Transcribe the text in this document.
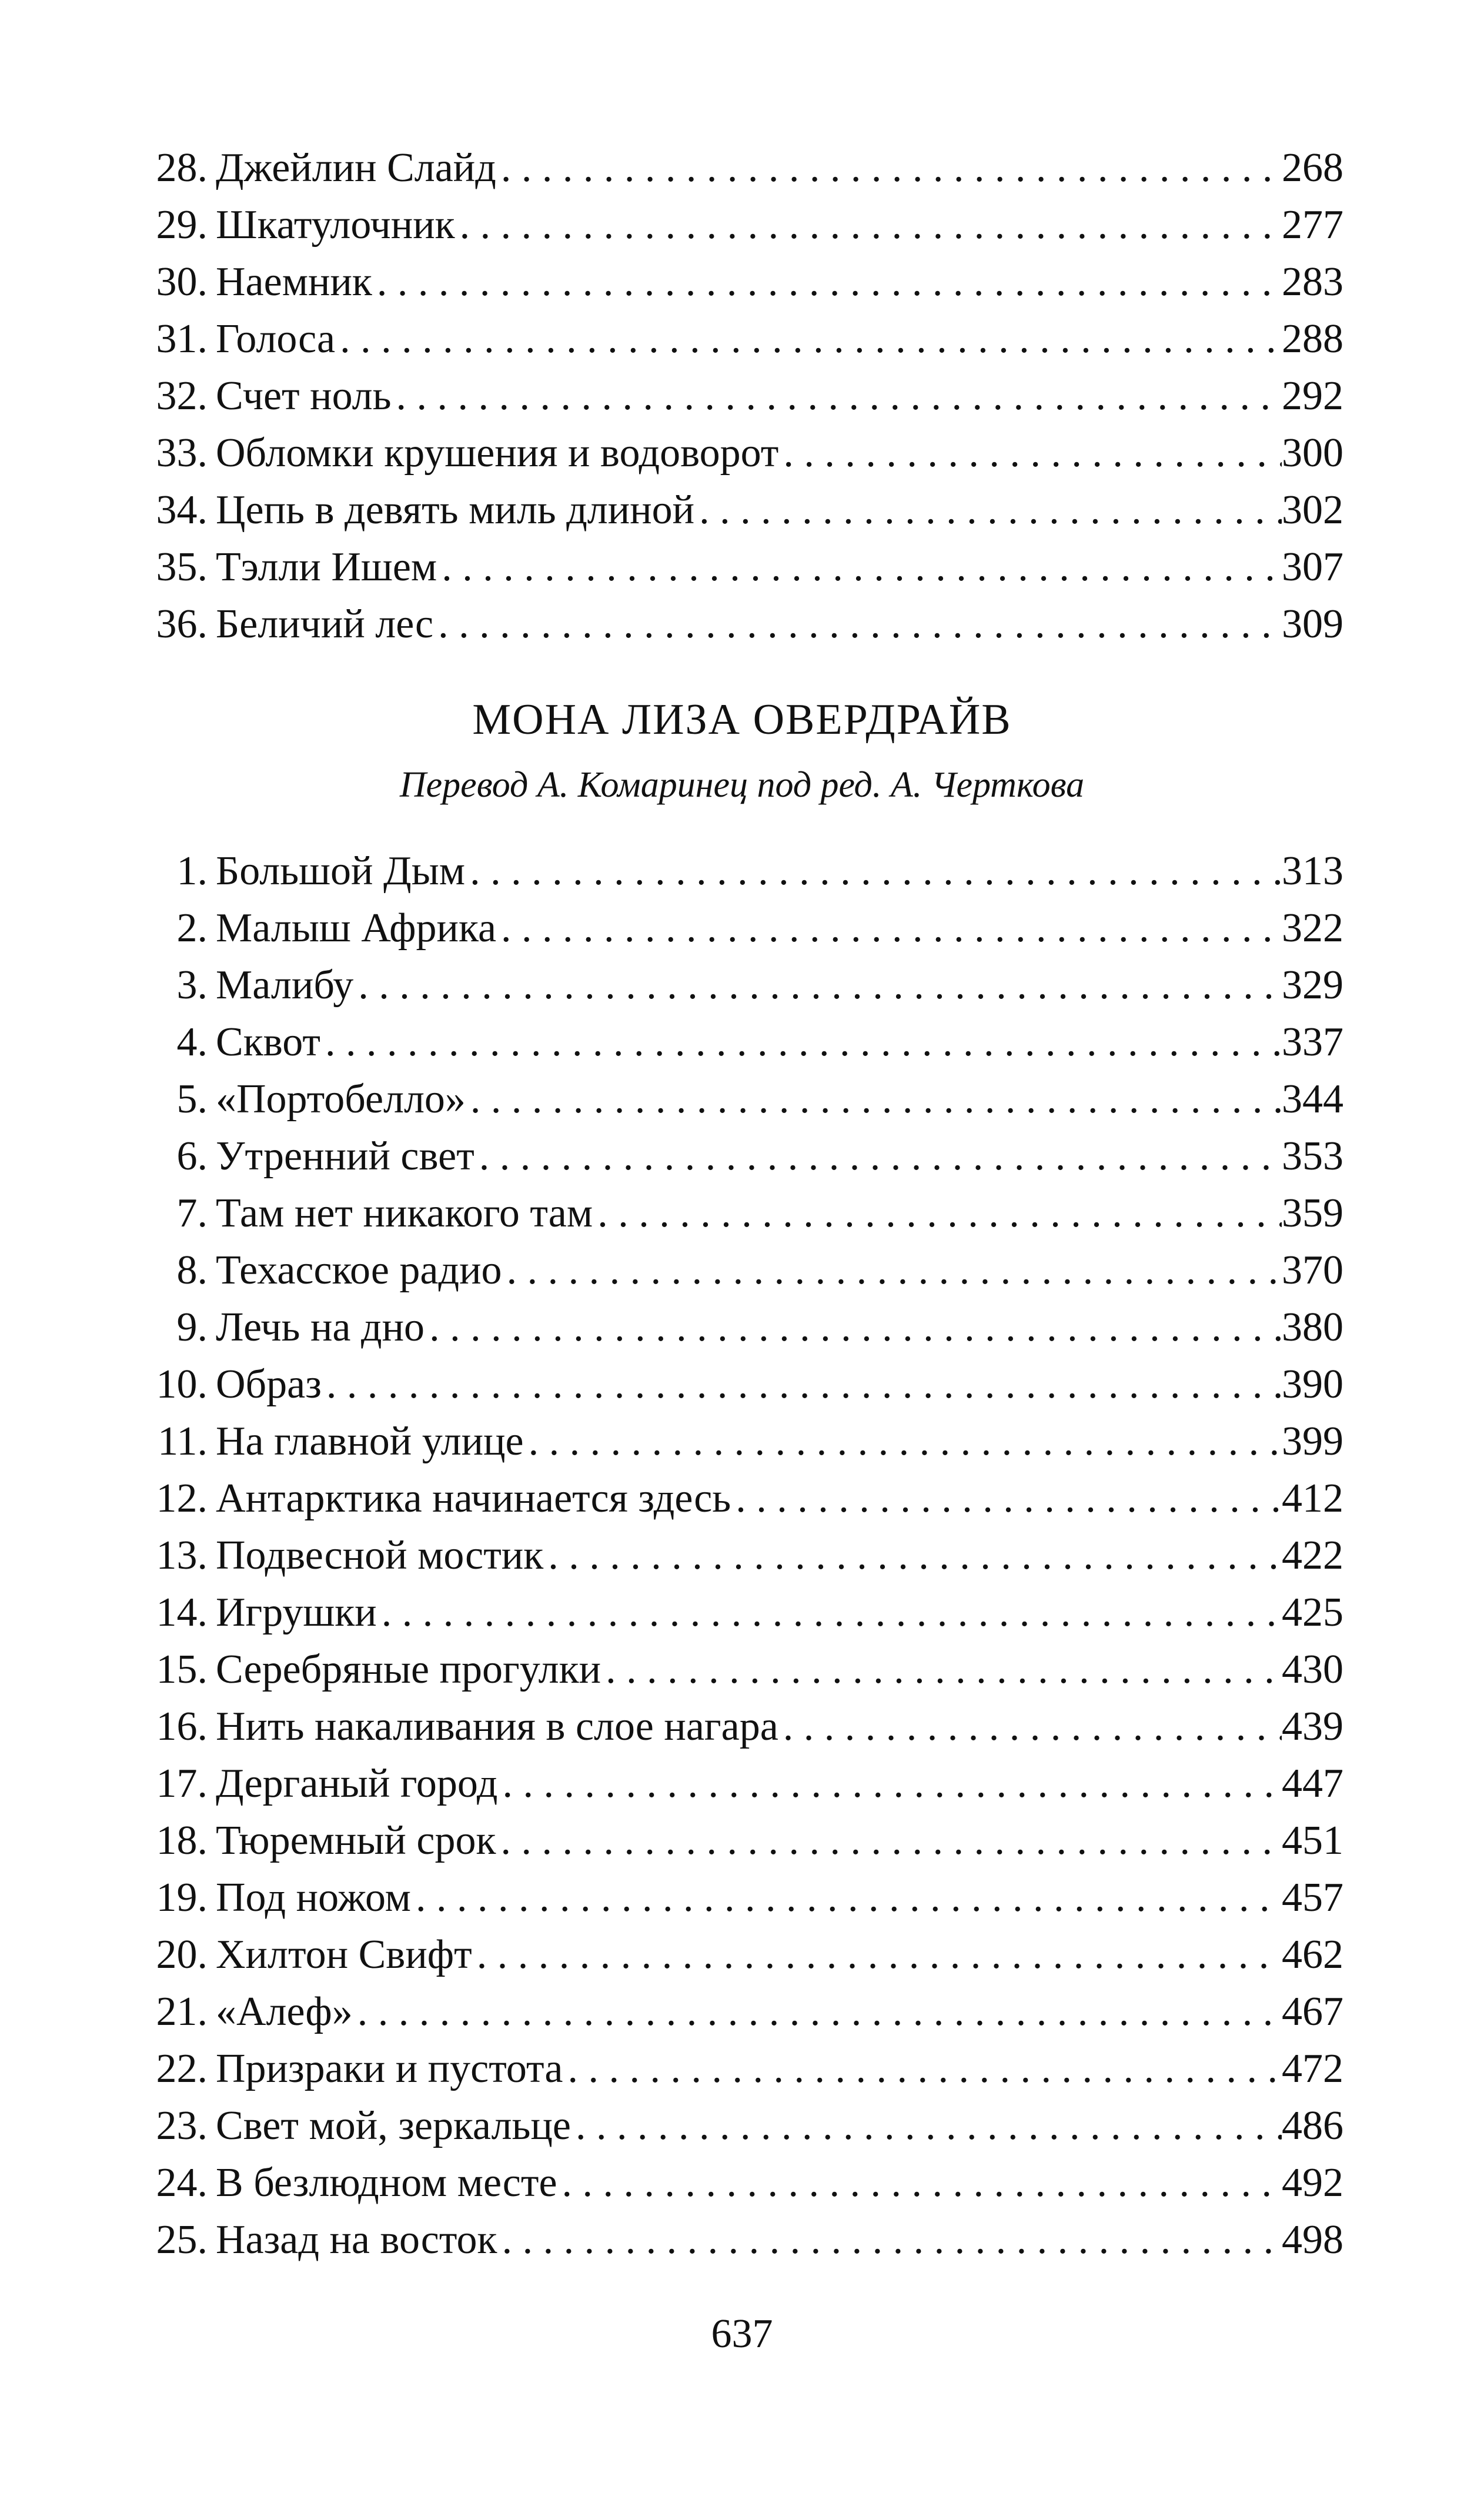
28. Джейлин Слайд . . .	268
29. Шкатулочник . . .	277
30. Наемник . . .	283
31. Голоса . . .	288
32. Счет ноль . . .	292
33. Обломки крушения и водоворот . . .	300
34. Цепь в девять миль длиной . . .	302
35. Тэлли Ишем . . .	307
36. Беличий лес . . .	309
МОНА ЛИЗА ОВЕРДРАЙВ
Перевод А. Комаринец под ред. А. Черткова
1. Большой Дым . . .	313
2. Малыш Африка . . .	322
3. Малибу . . .	329
4. Сквот . . .	337
5. «Портобелло» . . .	344
6. Утренний свет . . .	353
7. Там нет никакого там . . .	359
8. Техасское радио . . .	370
9. Лечь на дно . . .	380
10. Образ . . .	390
11. На главной улице . . .	399
12. Антарктика начинается здесь . . .	412
13. Подвесной мостик . . .	422
14. Игрушки . . .	425
15. Серебряные прогулки . . .	430
16. Нить накаливания в слое нагара . . .	439
17. Дерганый город . . .	447
18. Тюремный срок . . .	451
19. Под ножом . . .	457
20. Хилтон Свифт . . .	462
21. «Алеф» . . .	467
22. Призраки и пустота . . .	472
23. Свет мой, зеркальце . . .	486
24. В безлюдном месте . . .	492
25. Назад на восток . . .	498
637
